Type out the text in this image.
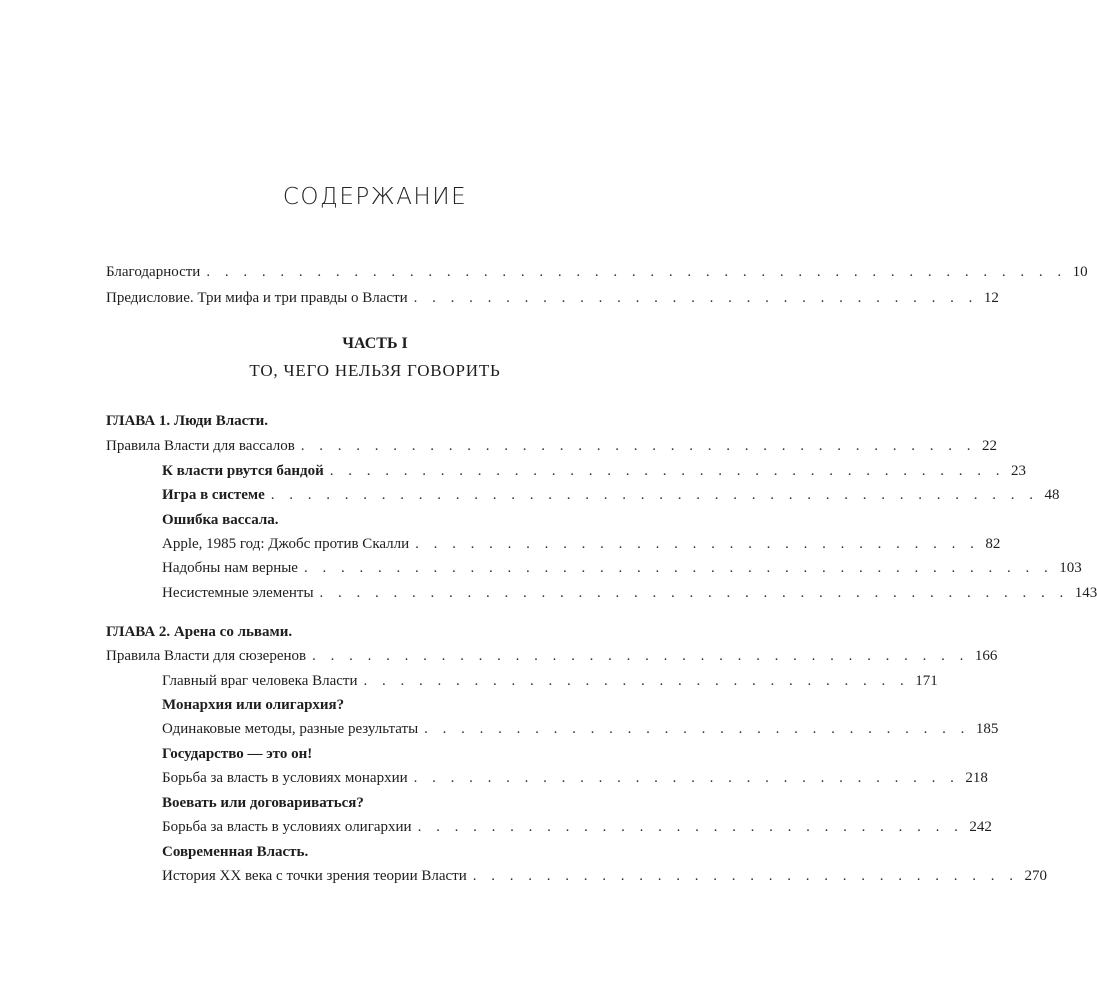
СОДЕРЖАНИЕ
Благодарности . . . . . . . . . . . . . . . . . . . . . . . . . . . . . . . . . . . . . . . . . . . . . . . 10
Предисловие. Три мифа и три правды о Власти . . . . . . . . . . . . . . . . . . . . . . . . . . . . . . . 12
ЧАСТЬ I
ТО, ЧЕГО НЕЛЬЗЯ ГОВОРИТЬ
ГЛАВА 1. Люди Власти.
Правила Власти для вассалов . . . . . . . . . . . . . . . . . . . . . . . . . . . . . . . . . . . . . 22
К власти рвутся бандой . . . . . . . . . . . . . . . . . . . . . . . . . . . . . . . . . . . . . 23
Игра в системе . . . . . . . . . . . . . . . . . . . . . . . . . . . . . . . . . . . . . . . . . . 48
Ошибка вассала.
Apple, 1985 год: Джобс против Скалли . . . . . . . . . . . . . . . . . . . . . . . . . . . . . . . 82
Надобны нам верные . . . . . . . . . . . . . . . . . . . . . . . . . . . . . . . . . . . . . . . . . 103
Несистемные элементы . . . . . . . . . . . . . . . . . . . . . . . . . . . . . . . . . . . . . . . . . 143
ГЛАВА 2. Арена со львами.
Правила Власти для сюзеренов . . . . . . . . . . . . . . . . . . . . . . . . . . . . . . . . . . . . 166
Главный враг человека Власти . . . . . . . . . . . . . . . . . . . . . . . . . . . . . . 171
Монархия или олигархия?
Одинаковые методы, разные результаты . . . . . . . . . . . . . . . . . . . . . . . . . . . . . . 185
Государство — это он!
Борьба за власть в условиях монархии . . . . . . . . . . . . . . . . . . . . . . . . . . . . . . 218
Воевать или договариваться?
Борьба за власть в условиях олигархии . . . . . . . . . . . . . . . . . . . . . . . . . . . . . . 242
Современная Власть.
История XX века с точки зрения теории Власти . . . . . . . . . . . . . . . . . . . . . . . . . . . . . . 270
